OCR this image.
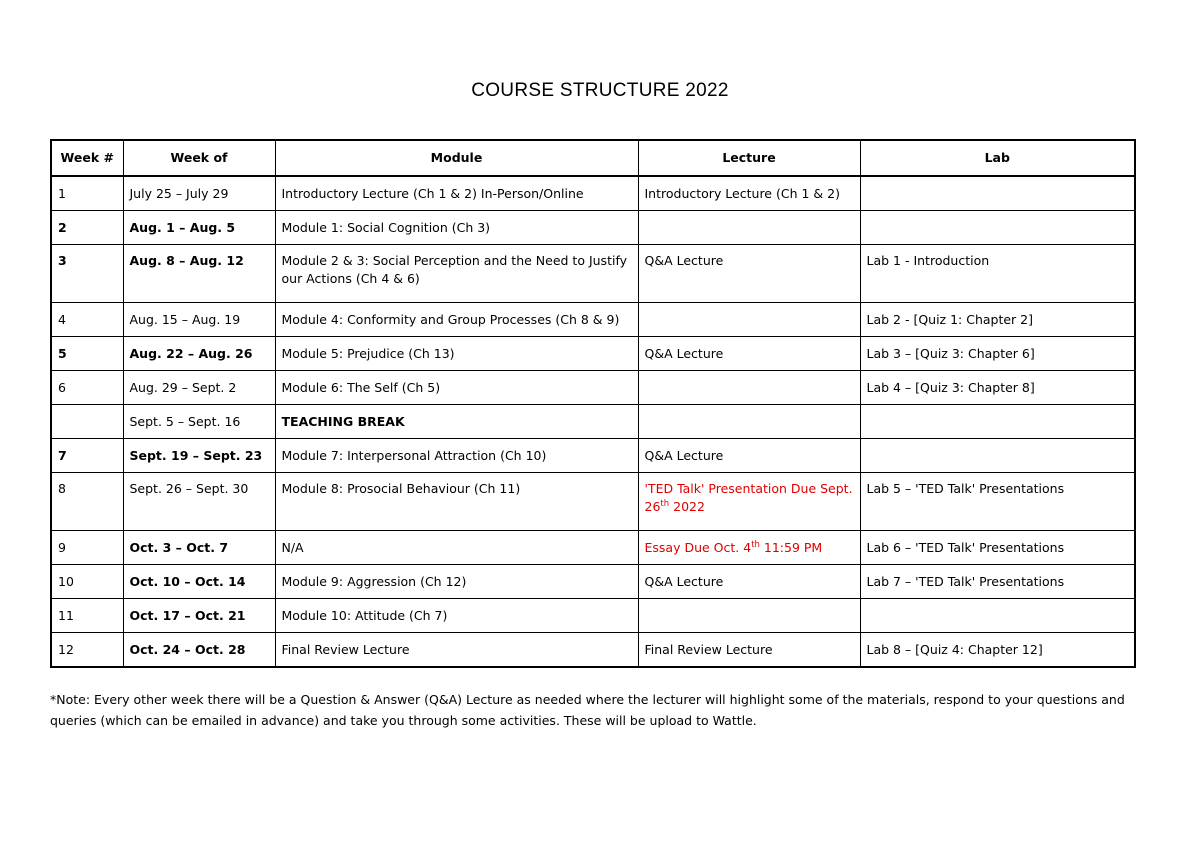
COURSE STRUCTURE 2022
Week #	Week of	Module	Lecture	Lab
1	July 25 – July 29	Introductory Lecture (Ch 1 & 2) In-Person/Online	Introductory Lecture (Ch 1 & 2)	
2	Aug. 1 – Aug. 5	Module 1: Social Cognition (Ch 3)		
3	Aug. 8 – Aug. 12	Module 2 & 3: Social Perception and the Need to Justify our Actions (Ch 4 & 6)	Q&A Lecture	Lab 1 - Introduction
4	Aug. 15 – Aug. 19	Module 4: Conformity and Group Processes (Ch 8 & 9)		Lab 2 - [Quiz 1: Chapter 2]
5	Aug. 22 – Aug. 26	Module 5: Prejudice (Ch 13)	Q&A Lecture	Lab 3 – [Quiz 3: Chapter 6]
6	Aug. 29 – Sept. 2	Module 6: The Self (Ch 5)		Lab 4 – [Quiz 3: Chapter 8]
	Sept. 5 – Sept. 16	TEACHING BREAK		
7	Sept. 19 – Sept. 23	Module 7: Interpersonal Attraction (Ch 10)	Q&A Lecture	
8	Sept. 26 – Sept. 30	Module 8: Prosocial Behaviour (Ch 11)	'TED Talk' Presentation Due Sept. 26th 2022	Lab 5 – 'TED Talk' Presentations
9	Oct. 3 – Oct. 7	N/A	Essay Due Oct. 4th 11:59 PM	Lab 6 – 'TED Talk' Presentations
10	Oct. 10 – Oct. 14	Module 9: Aggression (Ch 12)	Q&A Lecture	Lab 7 – 'TED Talk' Presentations
11	Oct. 17 – Oct. 21	Module 10: Attitude (Ch 7)		
12	Oct. 24 – Oct. 28	Final Review Lecture	Final Review Lecture	Lab 8 – [Quiz 4: Chapter 12]
*Note: Every other week there will be a Question & Answer (Q&A) Lecture as needed where the lecturer will highlight some of the materials, respond to your questions and queries (which can be emailed in advance) and take you through some activities. These will be upload to Wattle.
